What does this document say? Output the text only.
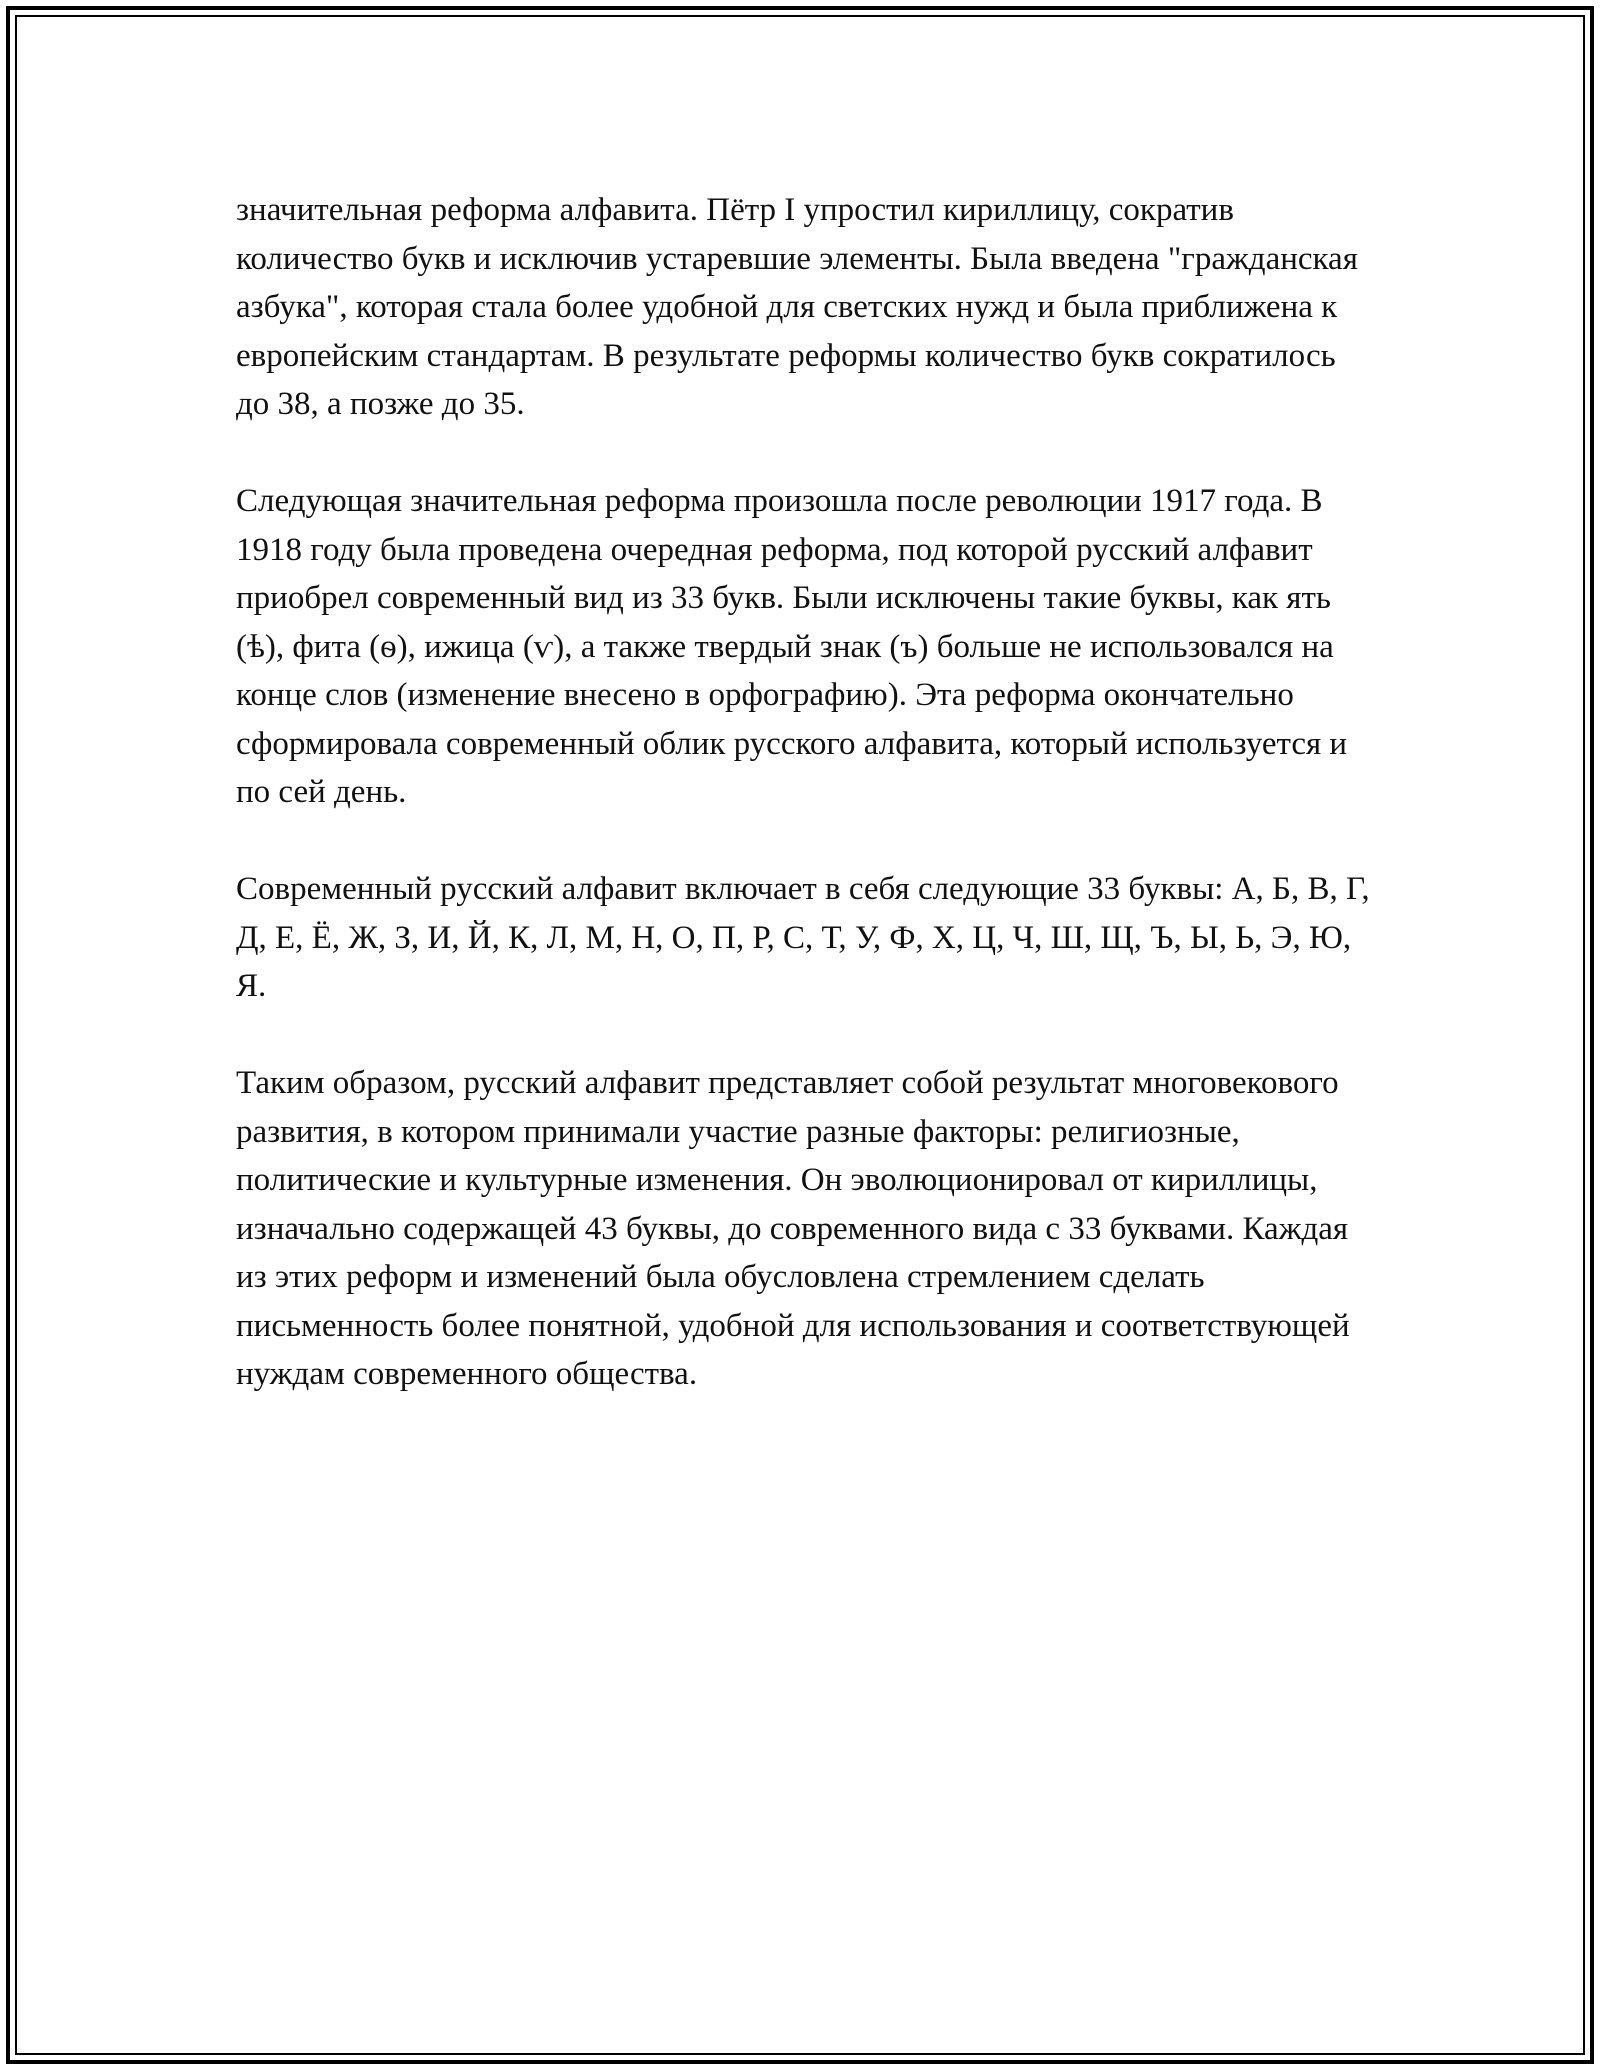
значительная реформа алфавита. Пётр I упростил кириллицу, сократив количество букв и исключив устаревшие элементы. Была введена "гражданская азбука", которая стала более удобной для светских нужд и была приближена к европейским стандартам. В результате реформы количество букв сократилось до 38, а позже до 35.

Следующая значительная реформа произошла после революции 1917 года. В 1918 году была проведена очередная реформа, под которой русский алфавит приобрел современный вид из 33 букв. Были исключены такие буквы, как ять (ѣ), фита (ѳ), ижица (ѵ), а также твердый знак (ъ) больше не использовался на конце слов (изменение внесено в орфографию). Эта реформа окончательно сформировала современный облик русского алфавита, который используется и по сей день.

Современный русский алфавит включает в себя следующие 33 буквы: А, Б, В, Г, Д, Е, Ё, Ж, З, И, Й, К, Л, М, Н, О, П, Р, С, Т, У, Ф, Х, Ц, Ч, Ш, Щ, Ъ, Ы, Ь, Э, Ю, Я.

Таким образом, русский алфавит представляет собой результат многовекового развития, в котором принимали участие разные факторы: религиозные, политические и культурные изменения. Он эволюционировал от кириллицы, изначально содержащей 43 буквы, до современного вида с 33 буквами. Каждая из этих реформ и изменений была обусловлена стремлением сделать письменность более понятной, удобной для использования и соответствующей нуждам современного общества.
